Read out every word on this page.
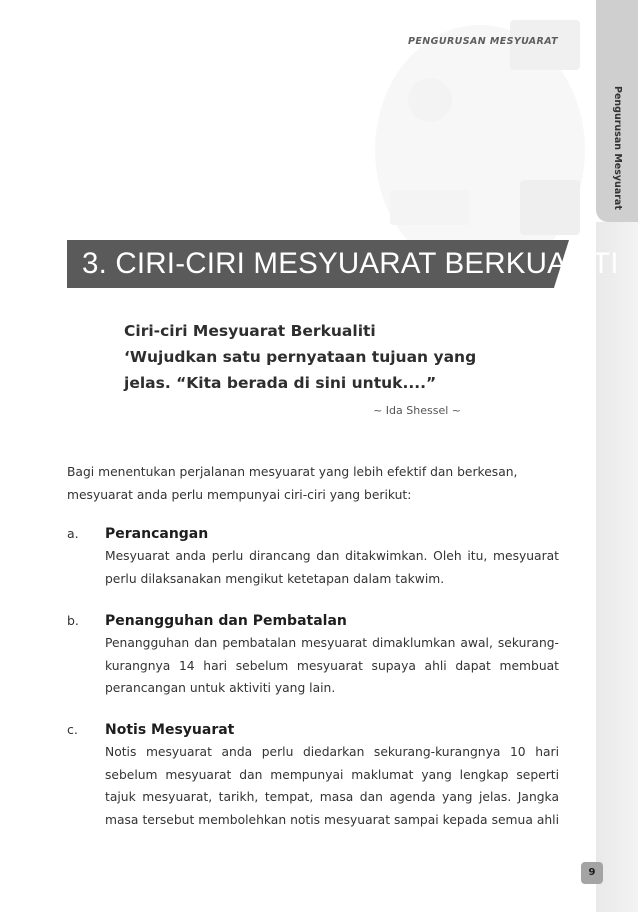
PENGURUSAN MESYUARAT
Pengurusan Mesyuarat
3. CIRI-CIRI MESYUARAT BERKUALITI
Ciri-ciri Mesyuarat Berkualiti
‘Wujudkan satu pernyataan tujuan yang
jelas. “Kita berada di sini untuk....”
~ Ida Shessel ~
Bagi menentukan perjalanan mesyuarat yang lebih efektif dan berkesan,
mesyuarat anda perlu mempunyai ciri-ciri yang berikut:
a. Perancangan
Mesyuarat anda perlu dirancang dan ditakwimkan. Oleh itu, mesyuarat
perlu dilaksanakan mengikut ketetapan dalam takwim.
b. Penangguhan dan Pembatalan
Penangguhan dan pembatalan mesyuarat dimaklumkan awal, sekurang-
kurangnya 14 hari sebelum mesyuarat supaya ahli dapat membuat
perancangan untuk aktiviti yang lain.
c. Notis Mesyuarat
Notis mesyuarat anda perlu diedarkan sekurang-kurangnya 10 hari
sebelum mesyuarat dan mempunyai maklumat yang lengkap seperti
tajuk mesyuarat, tarikh, tempat, masa dan agenda yang jelas. Jangka
masa tersebut membolehkan notis mesyuarat sampai kepada semua ahli
9
